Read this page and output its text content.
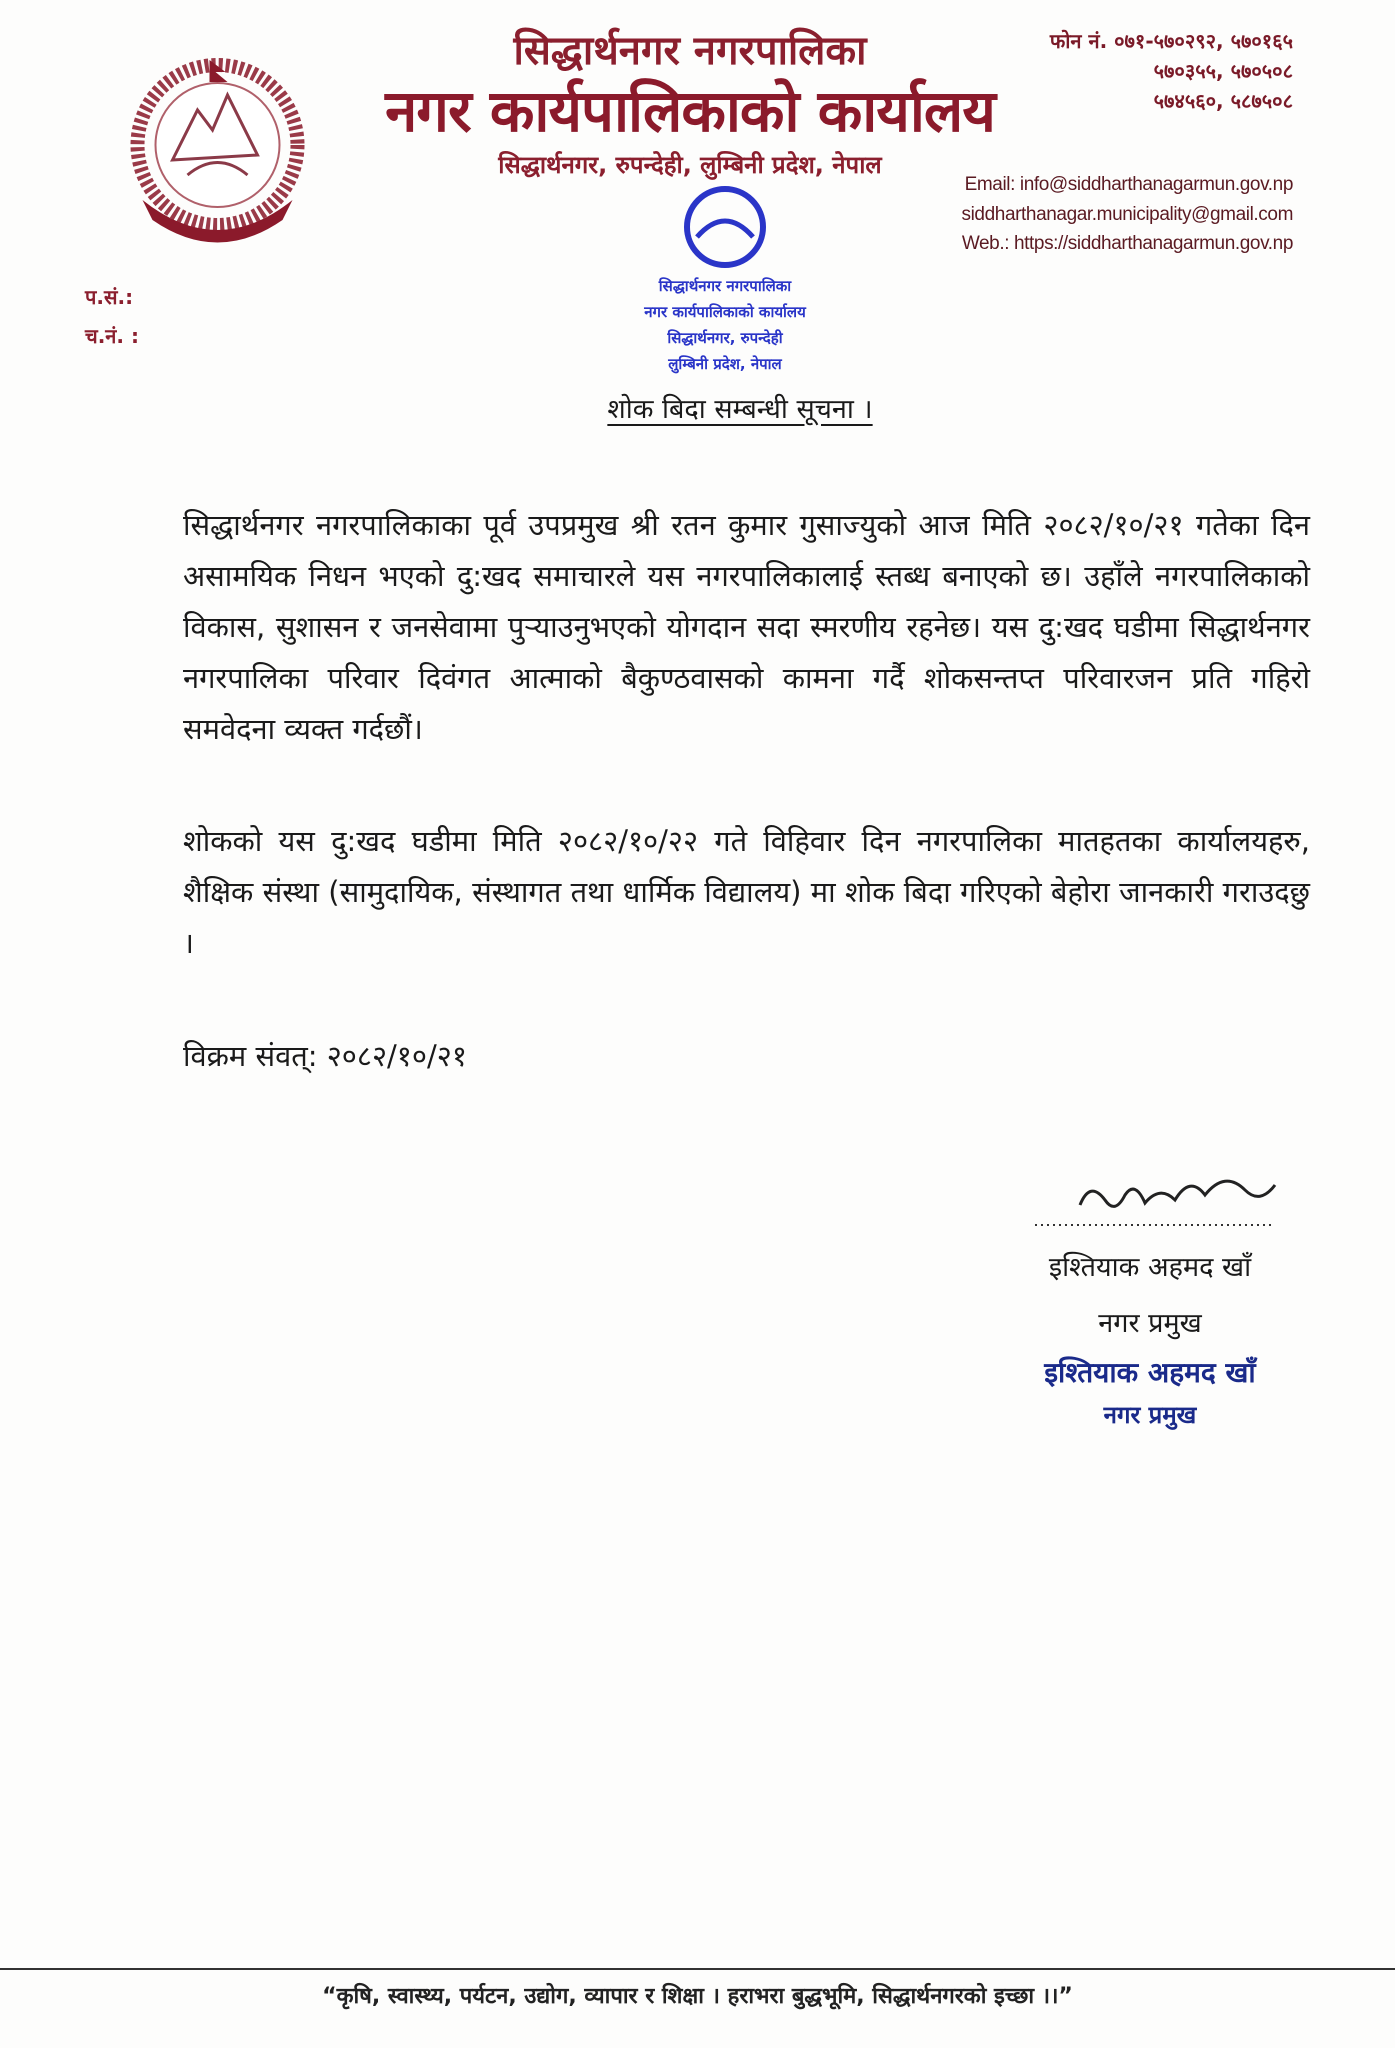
सिद्धार्थनगर नगरपालिका
नगर कार्यपालिकाको कार्यालय
सिद्धार्थनगर, रुपन्देही, लुम्बिनी प्रदेश, नेपाल
फोन नं. ०७१-५७०२९२, ५७०१६५
५७०३५५, ५७०५०८
५७४५६०, ५८७५०८
Email: info@siddharthanagarmun.gov.np
siddharthanagar.municipality@gmail.com
Web.: https://siddharthanagarmun.gov.np
प.सं.:
च.नं. :
सिद्धार्थनगर नगरपालिका
नगर कार्यपालिकाको कार्यालय
सिद्धार्थनगर, रुपन्देही
लुम्बिनी प्रदेश, नेपाल
शोक बिदा सम्बन्धी सूचना ।
सिद्धार्थनगर नगरपालिकाका पूर्व उपप्रमुख श्री रतन कुमार गुसाज्युको आज मिति २०८२/१०/२१ गतेका दिन असामयिक निधन भएको दु:खद समाचारले यस नगरपालिकालाई स्तब्ध बनाएको छ। उहाँले नगरपालिकाको विकास, सुशासन र जनसेवामा पुऱ्याउनुभएको योगदान सदा स्मरणीय रहनेछ। यस दु:खद घडीमा सिद्धार्थनगर नगरपालिका परिवार दिवंगत आत्माको बैकुण्ठवासको कामना गर्दै शोकसन्तप्त परिवारजन प्रति गहिरो समवेदना व्यक्त गर्दछौं।
शोकको यस दु:खद घडीमा मिति २०८२/१०/२२ गते विहिवार दिन नगरपालिका मातहतका कार्यालयहरु, शैक्षिक संस्था (सामुदायिक, संस्थागत तथा धार्मिक विद्यालय) मा शोक बिदा गरिएको बेहोरा जानकारी गराउदछु ।
विक्रम संवत्: २०८२/१०/२१
इश्तियाक अहमद खाँ
नगर प्रमुख
इश्तियाक अहमद खाँ
नगर प्रमुख
“कृषि, स्वास्थ्य, पर्यटन, उद्योग, व्यापार र शिक्षा । हराभरा बुद्धभूमि, सिद्धार्थनगरको इच्छा ।।”
